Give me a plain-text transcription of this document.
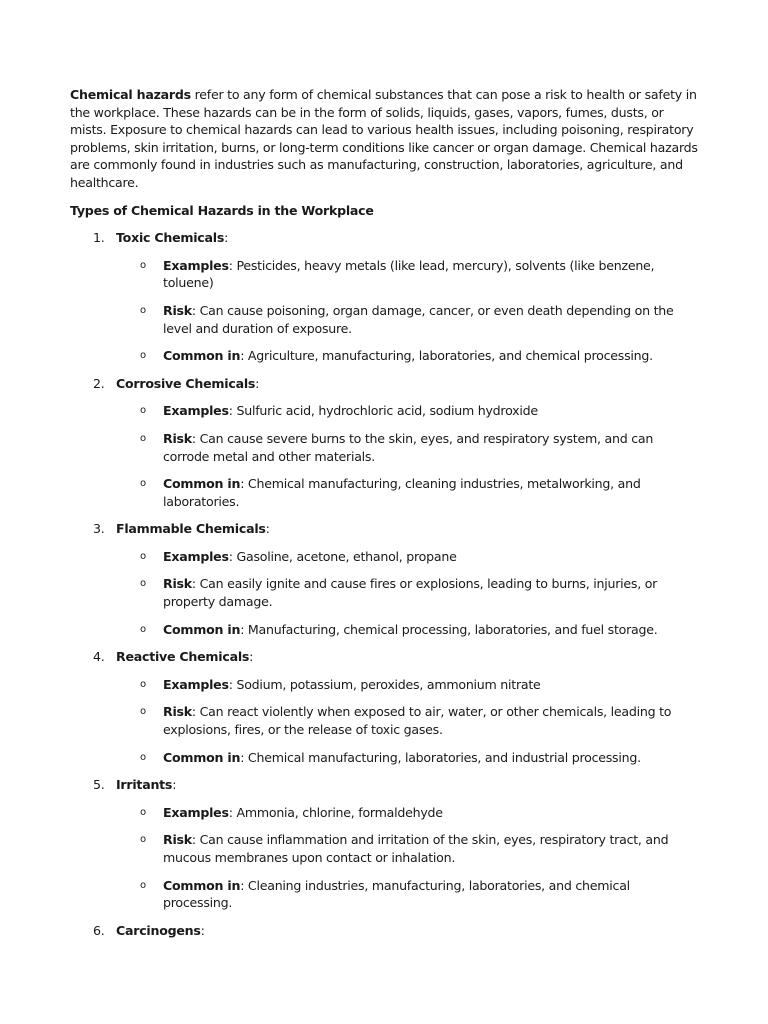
Chemical hazards refer to any form of chemical substances that can pose a risk to health or safety in the workplace. These hazards can be in the form of solids, liquids, gases, vapors, fumes, dusts, or mists. Exposure to chemical hazards can lead to various health issues, including poisoning, respiratory problems, skin irritation, burns, or long-term conditions like cancer or organ damage. Chemical hazards are commonly found in industries such as manufacturing, construction, laboratories, agriculture, and healthcare.

Types of Chemical Hazards in the Workplace

1. Toxic Chemicals:
o Examples: Pesticides, heavy metals (like lead, mercury), solvents (like benzene, toluene)
o Risk: Can cause poisoning, organ damage, cancer, or even death depending on the level and duration of exposure.
o Common in: Agriculture, manufacturing, laboratories, and chemical processing.
2. Corrosive Chemicals:
o Examples: Sulfuric acid, hydrochloric acid, sodium hydroxide
o Risk: Can cause severe burns to the skin, eyes, and respiratory system, and can corrode metal and other materials.
o Common in: Chemical manufacturing, cleaning industries, metalworking, and laboratories.
3. Flammable Chemicals:
o Examples: Gasoline, acetone, ethanol, propane
o Risk: Can easily ignite and cause fires or explosions, leading to burns, injuries, or property damage.
o Common in: Manufacturing, chemical processing, laboratories, and fuel storage.
4. Reactive Chemicals:
o Examples: Sodium, potassium, peroxides, ammonium nitrate
o Risk: Can react violently when exposed to air, water, or other chemicals, leading to explosions, fires, or the release of toxic gases.
o Common in: Chemical manufacturing, laboratories, and industrial processing.
5. Irritants:
o Examples: Ammonia, chlorine, formaldehyde
o Risk: Can cause inflammation and irritation of the skin, eyes, respiratory tract, and mucous membranes upon contact or inhalation.
o Common in: Cleaning industries, manufacturing, laboratories, and chemical processing.
6. Carcinogens:
